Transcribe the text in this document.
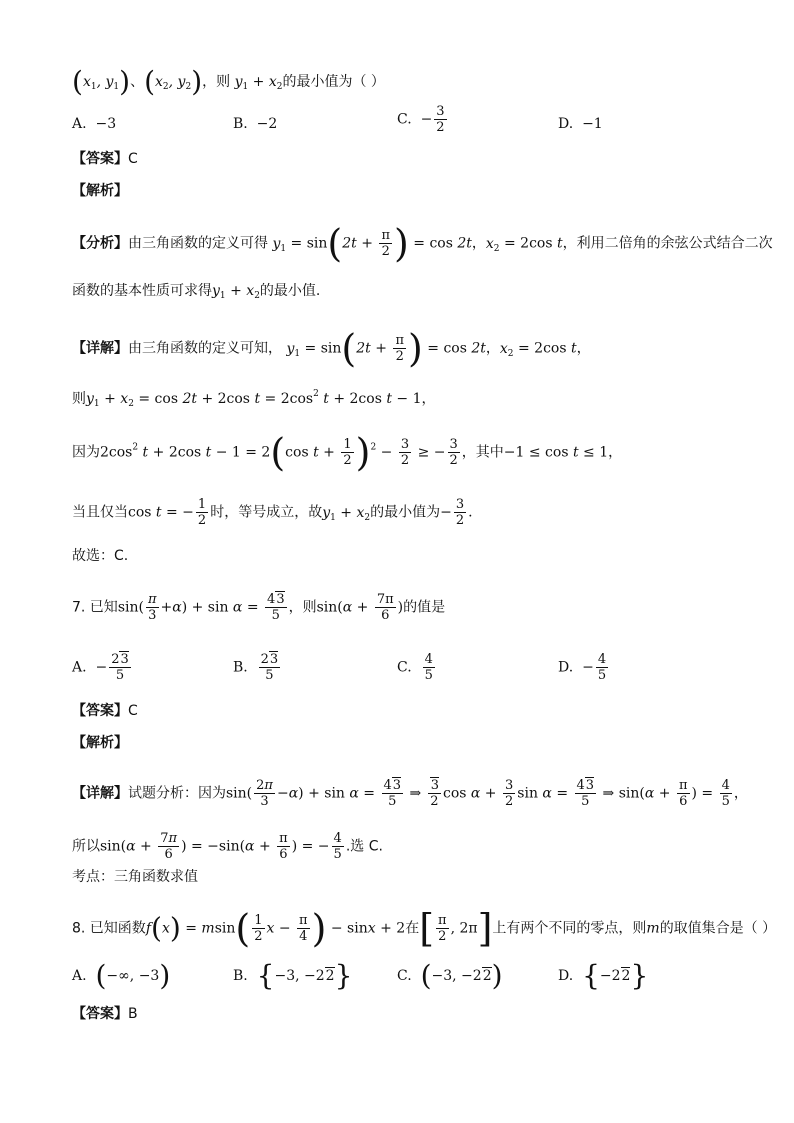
($x_1$, $y_1$)、($x_2$, $y_2$)，则 $y_1 + x_2$的最小值为（ ）
A.  −3	B.  −2	C.  − $\frac{3}{2}$	D.  −1
【答案】C
【解析】
【分析】由三角函数的定义可得 $y_1 = \sin(2t + \frac{\pi}{2}$ ) = cos 2t，$x_2 = 2\cos$ t，利用二倍角的余弦公式结合二次
函数的基本性质可求得$y_1 + x_2$的最小值.
【详解】由三角函数的定义可知， $y_1 = \sin(2t + \frac{\pi}{2}$ ) = cos 2t，$x_2 = 2\cos$ t，
则$y_1 + x_2 = \cos 2t + 2\cos$ $t = 2\cos^2$ t + 2cos t − 1，
因为$2\cos^2$ t + 2cos t − 1 = 2(cos $t + \frac{1}{2} )^2 - \frac{3}{2}$ ≥ − $\frac{3}{2}$ ，其中−1 ≤ cos t ≤ 1，
当且仅当cos t = − $\frac{1}{2}$ 时，等号成立，故$y_1 + x_2$的最小值为− $\frac{3}{2}$ .
故选：C.
7. 已知$\sin( \frac{\pi}{3} +\alpha) + \sin \alpha = \frac{43}{5}$ ，则$\sin(\alpha + \frac{7\pi}{6}$ )的值是
A.  − $\frac{23}{5}$	B. $\frac{23}{5}$	C. $\frac{4}{5}$	D.  − $\frac{4}{5}$
【答案】C
【解析】
【详解】试题分析：因为$\sin( \frac{2\pi}{3} -\alpha) + \sin \alpha = \frac{43}{5}$ ⇒ $\frac{3}{2}$ $\cos \alpha + \frac{3}{2}$ $\sin \alpha = \frac{43}{5}$ ⇒ $\sin(\alpha + \frac{\pi}{6}$ ) = $\frac{4}{5}$ ，
所以$\sin(\alpha + \frac{7\pi}{6}$ ) = $-\sin(\alpha + \frac{\pi}{6}$ ) = − $\frac{4}{5}$ .选 C.
考点：三角函数求值
8. 已知函数$f(x) = msin( \frac{1}{2}$ $x - \frac{\pi}{4}$ ) − sinx + 2在[ $\frac{\pi}{2}$ , 2π]上有两个不同的零点，则m的取值集合是（ ）
A.  (−∞, −3)	B.  {−3, −22}	C.  (−3, −22)	D.  {−22}
【答案】B
